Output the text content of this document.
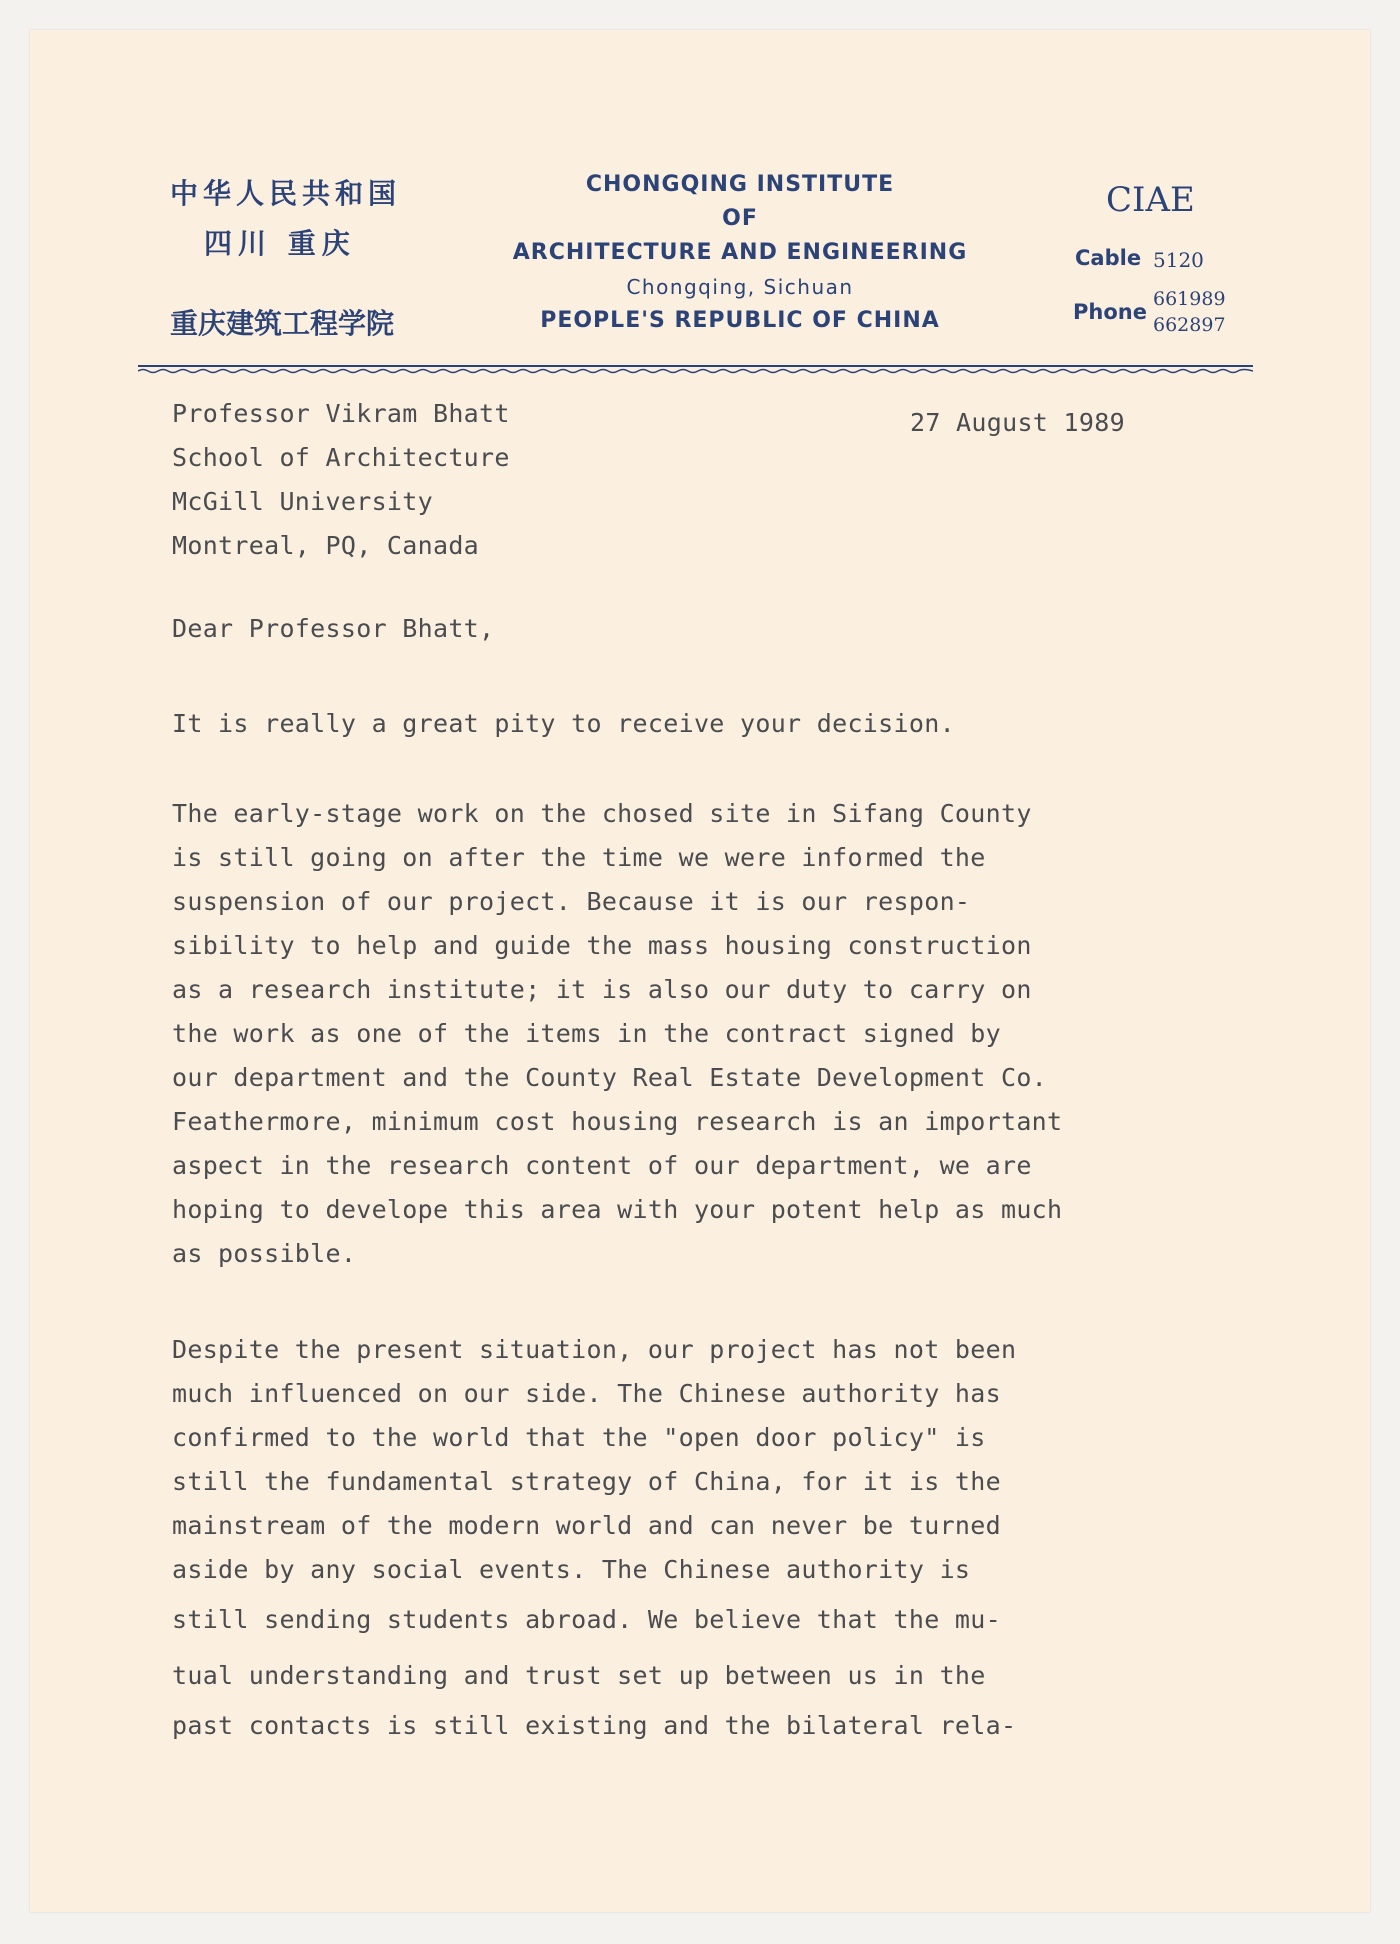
中华人民共和国
四川 重庆
重庆建筑工程学院
CHONGQING INSTITUTE
OF
ARCHITECTURE AND ENGINEERING
Chongqing, Sichuan
PEOPLE'S REPUBLIC OF CHINA
CIAE
Cable 5120
Phone
661989
662897
Professor Vikram Bhatt
School of Architecture
McGill University
Montreal, PQ, Canada
27 August 1989
Dear Professor Bhatt,
It is really a great pity to receive your decision.
The early-stage work on the chosed site in Sifang County
is still going on after the time we were informed the
suspension of our project. Because it is our respon-
sibility to help and guide the mass housing construction
as a research institute; it is also our duty to carry on
the work as one of the items in the contract signed by
our department and the County Real Estate Development Co.
Feathermore, minimum cost housing research is an important
aspect in the research content of our department, we are
hoping to develope this area with your potent help as much
as possible.
Despite the present situation, our project has not been
much influenced on our side. The Chinese authority has
confirmed to the world that the "open door policy" is
still the fundamental strategy of China, for it is the
mainstream of the modern world and can never be turned
aside by any social events. The Chinese authority is
still sending students abroad. We believe that the mu-
tual understanding and trust set up between us in the
past contacts is still existing and the bilateral rela-
